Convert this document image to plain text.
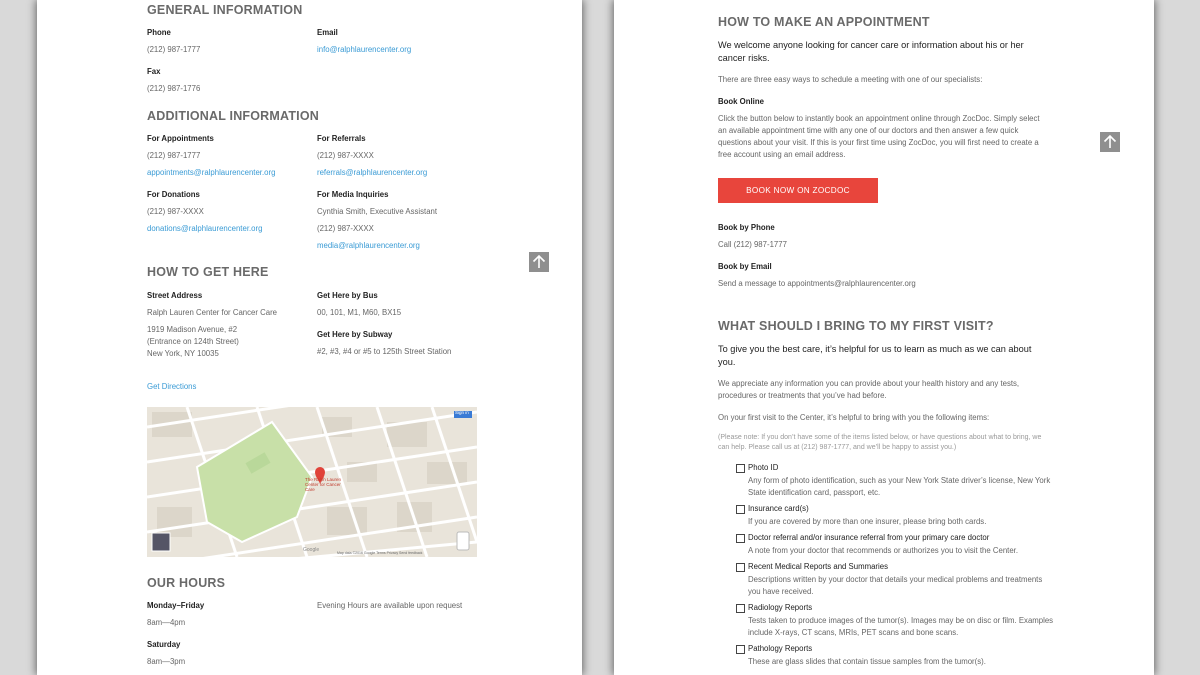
GENERAL INFORMATION
Phone
(212) 987-1777
Email
info@ralphlaurencenter.org
Fax
(212) 987-1776
ADDITIONAL INFORMATION
For Appointments
(212) 987-1777
appointments@ralphlaurencenter.org
For Referrals
(212) 987-XXXX
referrals@ralphlaurencenter.org
For Donations
(212) 987-XXXX
donations@ralphlaurencenter.org
For Media Inquiries
Cynthia Smith, Executive Assistant
(212) 987-XXXX
media@ralphlaurencenter.org
HOW TO GET HERE
Street Address
Ralph Lauren Center for Cancer Care
1919 Madison Avenue, #2
(Entrance on 124th Street)
New York, NY 10035
Get Here by Bus
00, 101, M1, M60, BX15
Get Here by Subway
#2, #3, #4 or #5 to 125th Street Station
Get Directions
The Ralph Lauren Center for Cancer Care
Sign in
Google	Map data ©2016 Google Terms Privacy Send feedback
OUR HOURS
Monday–Friday
8am—4pm
Evening Hours are available upon request
Saturday
8am—3pm
HOW TO MAKE AN APPOINTMENT
We welcome anyone looking for cancer care or information about his or her cancer risks.
There are three easy ways to schedule a meeting with one of our specialists:
Book Online
Click the button below to instantly book an appointment online through ZocDoc. Simply select an available appointment time with any one of our doctors and then answer a few quick questions about your visit. If this is your first time using ZocDoc, you will first need to create a free account using an email address.
BOOK NOW ON ZOCDOC
Book by Phone
Call (212) 987-1777
Book by Email
Send a message to appointments@ralphlaurencenter.org
WHAT SHOULD I BRING TO MY FIRST VISIT?
To give you the best care, it’s helpful for us to learn as much as we can about you.
We appreciate any information you can provide about your health history and any tests, procedures or treatments that you’ve had before.
On your first visit to the Center, it’s helpful to bring with you the following items:
(Please note: If you don’t have some of the items listed below, or have questions about what to bring, we can help. Please call us at (212) 987-1777, and we’ll be happy to assist you.)
Photo ID
Any form of photo identification, such as your New York State driver’s license, New York State identification card, passport, etc.
Insurance card(s)
If you are covered by more than one insurer, please bring both cards.
Doctor referral and/or insurance referral from your primary care doctor
A note from your doctor that recommends or authorizes you to visit the Center.
Recent Medical Reports and Summaries
Descriptions written by your doctor that details your medical problems and treatments you have received.
Radiology Reports
Tests taken to produce images of the tumor(s). Images may be on disc or film. Examples include X-rays, CT scans, MRIs, PET scans and bone scans.
Pathology Reports
These are glass slides that contain tissue samples from the tumor(s).
